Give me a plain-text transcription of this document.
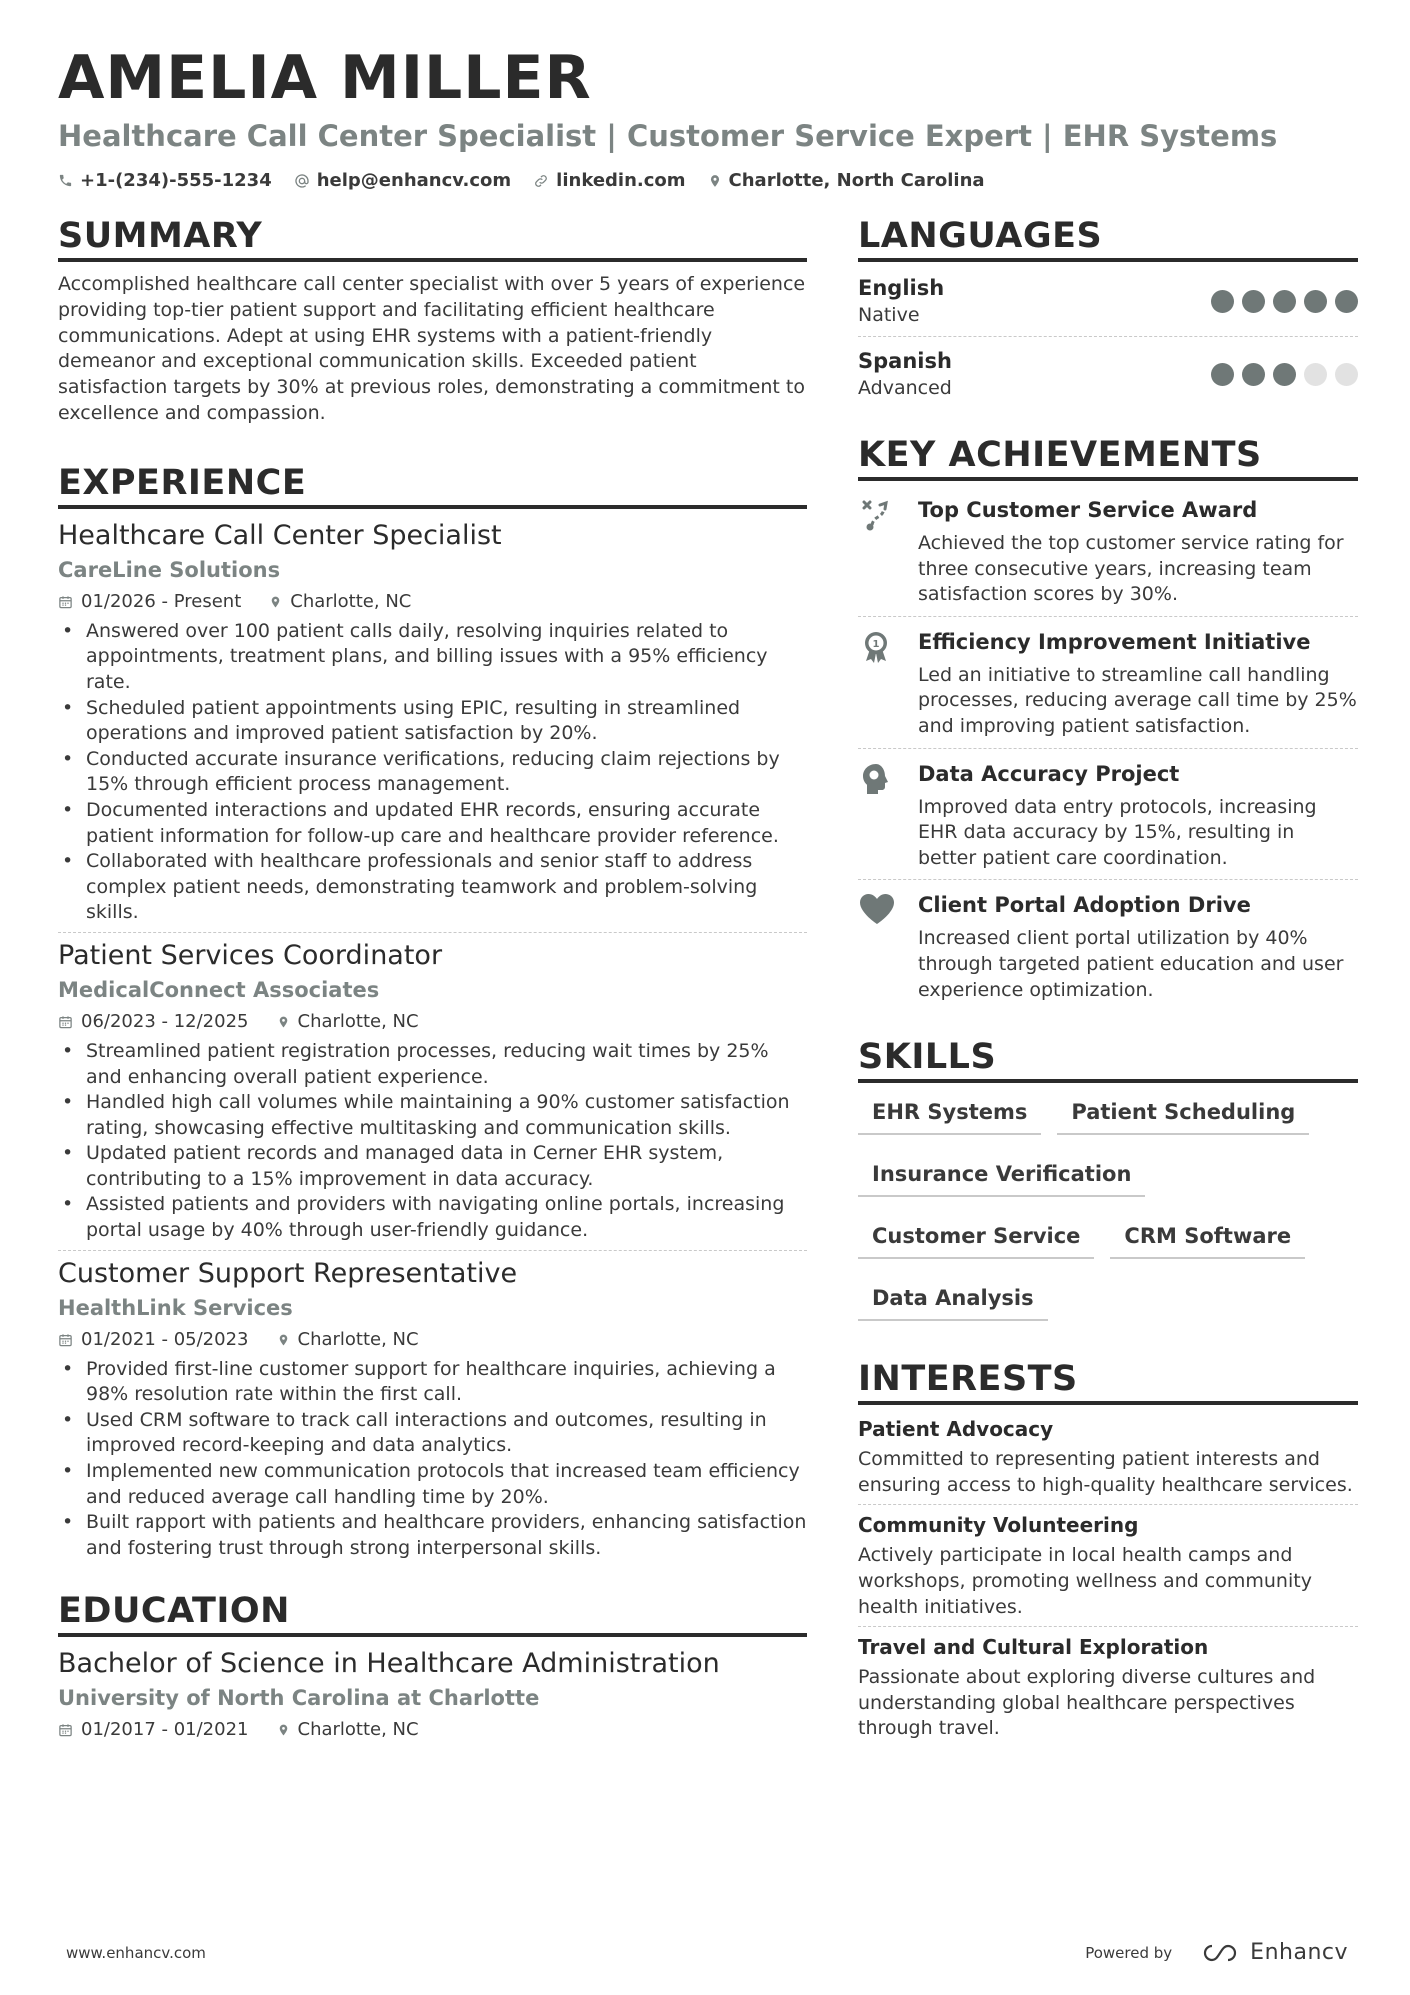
AMELIA MILLER
Healthcare Call Center Specialist | Customer Service Expert | EHR Systems
+1-(234)-555-1234	help@enhancv.com	linkedin.com Charlotte, North Carolina
SUMMARY

Accomplished healthcare call center specialist with over 5 years of experience providing top-tier patient support and facilitating efficient healthcare communications. Adept at using EHR systems with a patient-friendly demeanor and exceptional communication skills. Exceeded patient satisfaction targets by 30% at previous roles, demonstrating a commitment to excellence and compassion.

EXPERIENCE
Healthcare Call Center Specialist
CareLine Solutions
01/2026 - Present	Charlotte, NC
• Answered over 100 patient calls daily, resolving inquiries related to appointments, treatment plans, and billing issues with a 95% efficiency rate.
• Scheduled patient appointments using EPIC, resulting in streamlined operations and improved patient satisfaction by 20%.
• Conducted accurate insurance verifications, reducing claim rejections by 15% through efficient process management.
• Documented interactions and updated EHR records, ensuring accurate patient information for follow-up care and healthcare provider reference.
• Collaborated with healthcare professionals and senior staff to address complex patient needs, demonstrating teamwork and problem-solving skills.
Patient Services Coordinator
MedicalConnect Associates
06/2023 - 12/2025	Charlotte, NC
• Streamlined patient registration processes, reducing wait times by 25% and enhancing overall patient experience.
• Handled high call volumes while maintaining a 90% customer satisfaction rating, showcasing effective multitasking and communication skills.
• Updated patient records and managed data in Cerner EHR system, contributing to a 15% improvement in data accuracy.
• Assisted patients and providers with navigating online portals, increasing portal usage by 40% through user-friendly guidance.
Customer Support Representative
HealthLink Services
01/2021 - 05/2023	Charlotte, NC
• Provided first-line customer support for healthcare inquiries, achieving a 98% resolution rate within the first call.
• Used CRM software to track call interactions and outcomes, resulting in improved record-keeping and data analytics.
• Implemented new communication protocols that increased team efficiency and reduced average call handling time by 20%.
• Built rapport with patients and healthcare providers, enhancing satisfaction and fostering trust through strong interpersonal skills.
EDUCATION
Bachelor of Science in Healthcare Administration
University of North Carolina at Charlotte
01/2017 - 01/2021	Charlotte, NC
LANGUAGES
English
Native
Spanish
Advanced
KEY ACHIEVEMENTS
Top Customer Service Award
Achieved the top customer service rating for three consecutive years, increasing team satisfaction scores by 30%.
1 Efficiency Improvement Initiative
Led an initiative to streamline call handling processes, reducing average call time by 25% and improving patient satisfaction.
Data Accuracy Project
Improved data entry protocols, increasing EHR data accuracy by 15%, resulting in better patient care coordination.
Client Portal Adoption Drive
Increased client portal utilization by 40% through targeted patient education and user experience optimization.
SKILLS
EHR Systems	Patient Scheduling
Insurance Verification
Customer Service	CRM Software
Data Analysis
INTERESTS
Patient Advocacy
Committed to representing patient interests and ensuring access to high-quality healthcare services.
Community Volunteering
Actively participate in local health camps and workshops, promoting wellness and community health initiatives.
Travel and Cultural Exploration
Passionate about exploring diverse cultures and understanding global healthcare perspectives through travel.
www.enhancv.com	Powered by	Enhancv
